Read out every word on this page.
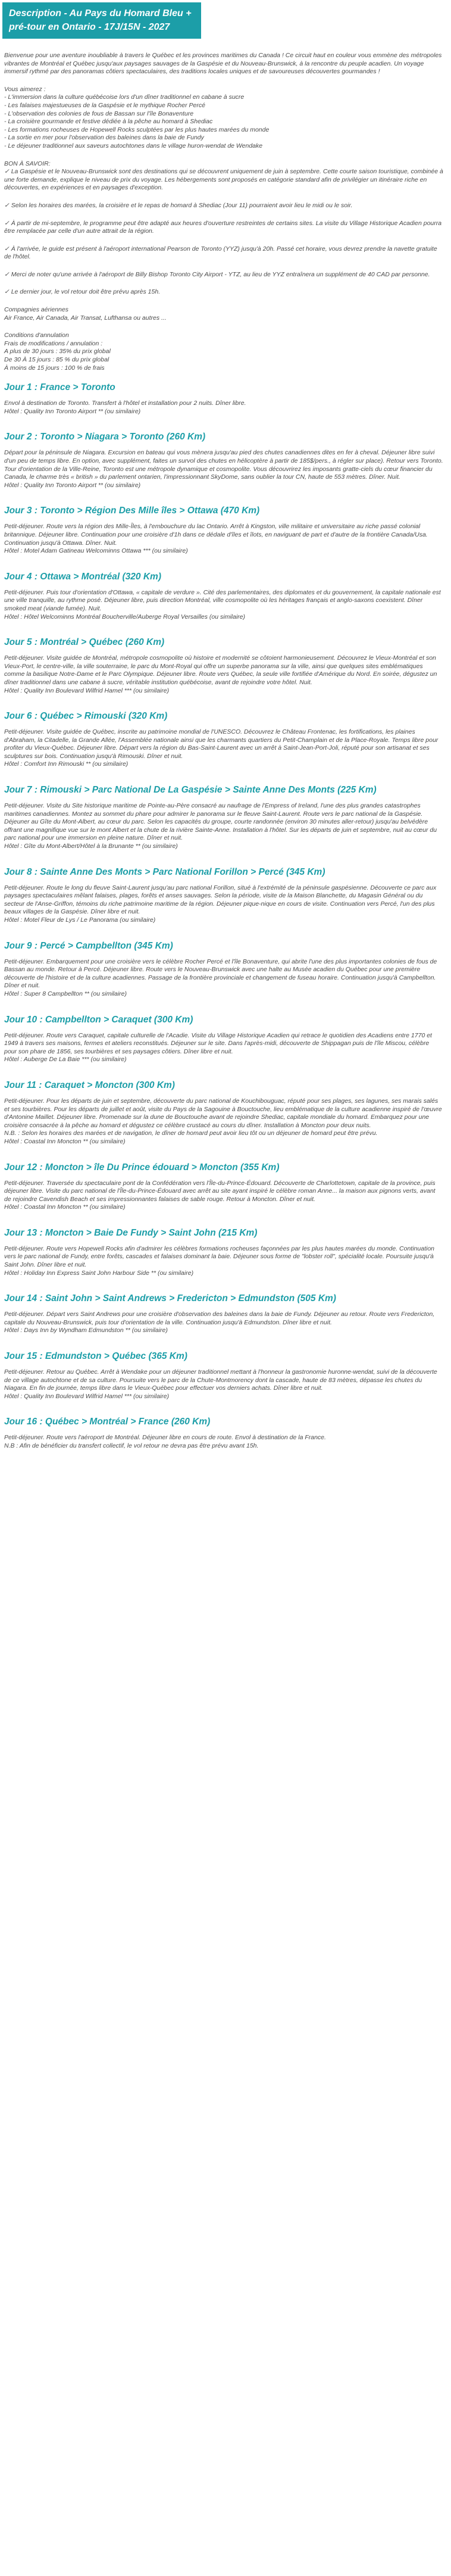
Description - Au Pays du Homard Bleu + pré-tour en Ontario - 17J/15N - 2027

Bienvenue pour une aventure inoubliable à travers le Québec et les provinces maritimes du Canada ! Ce circuit haut en couleur vous emmène des métropoles vibrantes de Montréal et Québec jusqu'aux paysages sauvages de la Gaspésie et du Nouveau-Brunswick, à la rencontre du peuple acadien. Un voyage immersif rythmé par des panoramas côtiers spectaculaires, des traditions locales uniques et de savoureuses découvertes gourmandes !

Vous aimerez :

- L'immersion dans la culture québécoise lors d'un dîner traditionnel en cabane à sucre

- Les falaises majestueuses de la Gaspésie et le mythique Rocher Percé

- L'observation des colonies de fous de Bassan sur l'île Bonaventure

- La croisière gourmande et festive dédiée à la pêche au homard à Shediac

- Les formations rocheuses de Hopewell Rocks sculptées par les plus hautes marées du monde

- La sortie en mer pour l'observation des baleines dans la baie de Fundy

- Le déjeuner traditionnel aux saveurs autochtones dans le village huron-wendat de Wendake

BON À SAVOIR:

✓ La Gaspésie et le Nouveau-Brunswick sont des destinations qui se découvrent uniquement de juin à septembre. Cette courte saison touristique, combinée à une forte demande, explique le niveau de prix du voyage. Les hébergements sont proposés en catégorie standard afin de privilégier un itinéraire riche en découvertes, en expériences et en paysages d'exception.

✓ Selon les horaires des marées, la croisière et le repas de homard à Shediac (Jour 11) pourraient avoir lieu le midi ou le soir.

✓ À partir de mi-septembre, le programme peut être adapté aux heures d'ouverture restreintes de certains sites. La visite du Village Historique Acadien pourra être remplacée par celle d'un autre attrait de la région.

✓ À l'arrivée, le guide est présent à l'aéroport international Pearson de Toronto (YYZ) jusqu'à 20h. Passé cet horaire, vous devrez prendre la navette gratuite de l'hôtel.

✓ Merci de noter qu'une arrivée à l'aéroport de Billy Bishop Toronto City Airport - YTZ, au lieu de YYZ entraînera un supplément de 40 CAD par personne.

✓ Le dernier jour, le vol retour doit être prévu après 15h.

Compagnies aériennes

Air France, Air Canada, Air Transat, Lufthansa ou autres ...

Conditions d'annulation

Frais de modifications / annulation :

A plus de 30 jours : 35% du prix global

De 30 À 15 jours : 85 % du prix global

À moins de 15 jours : 100 % de frais

Jour 1 : France > Toronto

Envol à destination de Toronto. Transfert à l'hôtel et installation pour 2 nuits. Dîner libre.

Hôtel : Quality Inn Toronto Airport ** (ou similaire)

Jour 2 : Toronto > Niagara > Toronto (260 Km)

Départ pour la péninsule de Niagara. Excursion en bateau qui vous mènera jusqu'au pied des chutes canadiennes dites en fer à cheval. Déjeuner libre suivi d'un peu de temps libre. En option, avec supplément, faites un survol des chutes en hélicoptère à partir de 185$/pers., à régler sur place). Retour vers Toronto. Tour d'orientation de la Ville-Reine, Toronto est une métropole dynamique et cosmopolite. Vous découvrirez les imposants gratte-ciels du cœur financier du Canada, le charme très « british » du parlement ontarien, l'impressionnant SkyDome, sans oublier la tour CN, haute de 553 mètres. Dîner. Nuit.

Hôtel : Quality Inn Toronto Airport ** (ou similaire)

Jour 3 : Toronto > Région Des Mille îles > Ottawa (470 Km)

Petit-déjeuner. Route vers la région des Mille-Îles, à l'embouchure du lac Ontario. Arrêt à Kingston, ville militaire et universitaire au riche passé colonial britannique. Déjeuner libre. Continuation pour une croisière d'1h dans ce dédale d'îles et îlots, en naviguant de part et d'autre de la frontière Canada/Usa. Continuation jusqu'à Ottawa. Dîner. Nuit.

Hôtel : Motel Adam Gatineau Welcominns Ottawa *** (ou similaire)

Jour 4 : Ottawa > Montréal (320 Km)

Petit-déjeuner. Puis tour d'orientation d'Ottawa, « capitale de verdure ». Cité des parlementaires, des diplomates et du gouvernement, la capitale nationale est une ville tranquille, au rythme posé. Déjeuner libre, puis direction Montréal, ville cosmopolite où les héritages français et anglo-saxons coexistent. Dîner smoked meat (viande fumée). Nuit.

Hôtel : Hôtel Welcominns Montréal Boucherville/Auberge Royal Versailles (ou similaire)

Jour 5 : Montréal > Québec (260 Km)

Petit-déjeuner. Visite guidée de Montréal, métropole cosmopolite où histoire et modernité se côtoient harmonieusement. Découvrez le Vieux-Montréal et son Vieux-Port, le centre-ville, la ville souterraine, le parc du Mont-Royal qui offre un superbe panorama sur la ville, ainsi que quelques sites emblématiques comme la basilique Notre-Dame et le Parc Olympique. Déjeuner libre. Route vers Québec, la seule ville fortifiée d'Amérique du Nord. En soirée, dégustez un dîner traditionnel dans une cabane à sucre, véritable institution québécoise, avant de rejoindre votre hôtel. Nuit.

Hôtel : Quality Inn Boulevard Wilfrid Hamel *** (ou similaire)

Jour 6 : Québec > Rimouski (320 Km)

Petit-déjeuner. Visite guidée de Québec, inscrite au patrimoine mondial de l'UNESCO. Découvrez le Château Frontenac, les fortifications, les plaines d'Abraham, la Citadelle, la Grande Allée, l'Assemblée nationale ainsi que les charmants quartiers du Petit-Champlain et de la Place-Royale. Temps libre pour profiter du Vieux-Québec. Déjeuner libre. Départ vers la région du Bas-Saint-Laurent avec un arrêt à Saint-Jean-Port-Joli, réputé pour son artisanat et ses sculptures sur bois. Continuation jusqu'à Rimouski. Dîner et nuit.

Hôtel : Comfort Inn Rimouski ** (ou similaire)

Jour 7 : Rimouski > Parc National De La Gaspésie > Sainte Anne Des Monts (225 Km)

Petit-déjeuner. Visite du Site historique maritime de Pointe-au-Père consacré au naufrage de l'Empress of Ireland, l'une des plus grandes catastrophes maritimes canadiennes. Montez au sommet du phare pour admirer le panorama sur le fleuve Saint-Laurent. Route vers le parc national de la Gaspésie. Déjeuner au Gîte du Mont-Albert, au cœur du parc. Selon les capacités du groupe, courte randonnée (environ 30 minutes aller-retour) jusqu'au belvédère offrant une magnifique vue sur le mont Albert et la chute de la rivière Sainte-Anne. Installation à l'hôtel. Sur les départs de juin et septembre, nuit au cœur du parc national pour une immersion en pleine nature. Dîner et nuit.

Hôtel : Gîte du Mont-Albert/Hôtel à la Brunante ** (ou similaire)

Jour 8 : Sainte Anne Des Monts > Parc National Forillon > Percé (345 Km)

Petit-déjeuner. Route le long du fleuve Saint-Laurent jusqu'au parc national Forillon, situé à l'extrémité de la péninsule gaspésienne. Découverte ce parc aux paysages spectaculaires mêlant falaises, plages, forêts et anses sauvages. Selon la période, visite de la Maison Blanchette, du Magasin Général ou du secteur de l'Anse-Griffon, témoins du riche patrimoine maritime de la région. Déjeuner pique-nique en cours de visite. Continuation vers Percé, l'un des plus beaux villages de la Gaspésie. Dîner libre et nuit.

Hôtel : Motel Fleur de Lys / Le Panorama (ou similaire)

Jour 9 : Percé > Campbellton (345 Km)

Petit-déjeuner. Embarquement pour une croisière vers le célèbre Rocher Percé et l'île Bonaventure, qui abrite l'une des plus importantes colonies de fous de Bassan au monde. Retour à Percé. Déjeuner libre. Route vers le Nouveau-Brunswick avec une halte au Musée acadien du Québec pour une première découverte de l'histoire et de la culture acadiennes. Passage de la frontière provinciale et changement de fuseau horaire. Continuation jusqu'à Campbellton. Dîner et nuit.

Hôtel : Super 8 Campbellton ** (ou similaire)

Jour 10 : Campbellton > Caraquet (300 Km)

Petit-déjeuner. Route vers Caraquet, capitale culturelle de l'Acadie. Visite du Village Historique Acadien qui retrace le quotidien des Acadiens entre 1770 et 1949 à travers ses maisons, fermes et ateliers reconstitués. Déjeuner sur le site. Dans l'après-midi, découverte de Shippagan puis de l'île Miscou, célèbre pour son phare de 1856, ses tourbières et ses paysages côtiers. Dîner libre et nuit.

Hôtel : Auberge De La Baie *** (ou similaire)

Jour 11 : Caraquet > Moncton (300 Km)

Petit-déjeuner. Pour les départs de juin et septembre, découverte du parc national de Kouchibouguac, réputé pour ses plages, ses lagunes, ses marais salés et ses tourbières. Pour les départs de juillet et août, visite du Pays de la Sagouine à Bouctouche, lieu emblématique de la culture acadienne inspiré de l'œuvre d'Antonine Maillet. Déjeuner libre. Promenade sur la dune de Bouctouche avant de rejoindre Shediac, capitale mondiale du homard. Embarquez pour une croisière consacrée à la pêche au homard et dégustez ce célèbre crustacé au cours du dîner. Installation à Moncton pour deux nuits.

N.B. : Selon les horaires des marées et de navigation, le dîner de homard peut avoir lieu tôt ou un déjeuner de homard peut être prévu.

Hôtel : Coastal Inn Moncton ** (ou similaire)

Jour 12 : Moncton > île Du Prince édouard > Moncton (355 Km)

Petit-déjeuner. Traversée du spectaculaire pont de la Confédération vers l'Île-du-Prince-Édouard. Découverte de Charlottetown, capitale de la province, puis déjeuner libre. Visite du parc national de l'Île-du-Prince-Édouard avec arrêt au site ayant inspiré le célèbre roman Anne... la maison aux pignons verts, avant de rejoindre Cavendish Beach et ses impressionnantes falaises de sable rouge. Retour à Moncton. Dîner et nuit.

Hôtel : Coastal Inn Moncton ** (ou similaire)

Jour 13 : Moncton > Baie De Fundy > Saint John (215 Km)

Petit-déjeuner. Route vers Hopewell Rocks afin d'admirer les célèbres formations rocheuses façonnées par les plus hautes marées du monde. Continuation vers le parc national de Fundy, entre forêts, cascades et falaises dominant la baie. Déjeuner sous forme de "lobster roll", spécialité locale. Poursuite jusqu'à Saint John. Dîner libre et nuit.

Hôtel : Holiday Inn Express Saint John Harbour Side ** (ou similaire)

Jour 14 : Saint John > Saint Andrews > Fredericton > Edmundston (505 Km)

Petit-déjeuner. Départ vers Saint Andrews pour une croisière d'observation des baleines dans la baie de Fundy. Déjeuner au retour. Route vers Fredericton, capitale du Nouveau-Brunswick, puis tour d'orientation de la ville. Continuation jusqu'à Edmundston. Dîner libre et nuit.

Hôtel : Days Inn by Wyndham Edmundston ** (ou similaire)

Jour 15 : Edmundston > Québec (365 Km)

Petit-déjeuner. Retour au Québec. Arrêt à Wendake pour un déjeuner traditionnel mettant à l'honneur la gastronomie huronne-wendat, suivi de la découverte de ce village autochtone et de sa culture. Poursuite vers le parc de la Chute-Montmorency dont la cascade, haute de 83 mètres, dépasse les chutes du Niagara. En fin de journée, temps libre dans le Vieux-Québec pour effectuer vos derniers achats. Dîner libre et nuit.

Hôtel : Quality Inn Boulevard Wilfrid Hamel *** (ou similaire)

Jour 16 : Québec > Montréal > France (260 Km)

Petit-déjeuner. Route vers l'aéroport de Montréal. Déjeuner libre en cours de route. Envol à destination de la France.

N.B : Afin de bénéficier du transfert collectif, le vol retour ne devra pas être prévu avant 15h.
